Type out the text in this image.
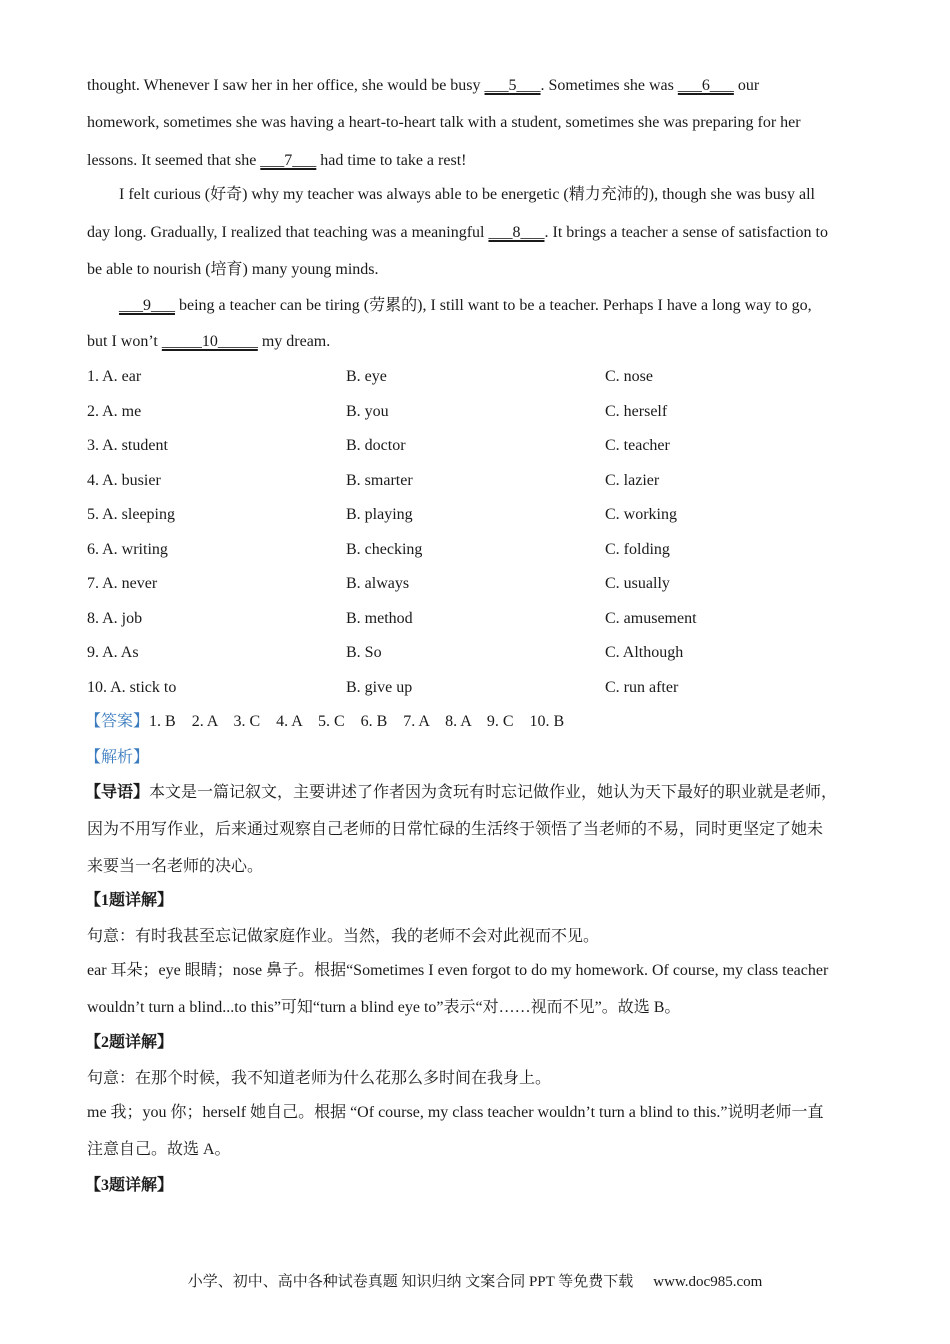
thought. Whenever I saw her in her office, she would be busy ___5___. Sometimes she was ___6___ our
homework, sometimes she was having a heart-to-heart talk with a student, sometimes she was preparing for her
lessons. It seemed that she ___7___ had time to take a rest!
I felt curious (好奇) why my teacher was always able to be energetic (精力充沛的), though she was busy all
day long. Gradually, I realized that teaching was a meaningful ___8___. It brings a teacher a sense of satisfaction to
be able to nourish (培育) many young minds.
___9___ being a teacher can be tiring (劳累的), I still want to be a teacher. Perhaps I have a long way to go,
but I won’t _____10_____ my dream.
1. A. ear	B. eye	C. nose
2. A. me	B. you	C. herself
3. A. student	B. doctor	C. teacher
4. A. busier	B. smarter	C. lazier
5. A. sleeping	B. playing	C. working
6. A. writing	B. checking	C. folding
7. A. never	B. always	C. usually
8. A. job	B. method	C. amusement
9. A. As	B. So	C. Although
10. A. stick to	B. give up	C. run after
【答案】1. B    2. A    3. C    4. A    5. C    6. B    7. A    8. A    9. C    10. B
【解析】
【导语】本文是一篇记叙文，主要讲述了作者因为贪玩有时忘记做作业，她认为天下最好的职业就是老师，
因为不用写作业，后来通过观察自己老师的日常忙碌的生活终于领悟了当老师的不易，同时更坚定了她未
来要当一名老师的决心。
【1题详解】
句意：有时我甚至忘记做家庭作业。当然，我的老师不会对此视而不见。
ear 耳朵；eye 眼睛；nose 鼻子。根据“Sometimes I even forgot to do my homework. Of course, my class teacher
wouldn’t turn a blind...to this”可知“turn a blind eye to”表示“对……视而不见”。故选 B。
【2题详解】
句意：在那个时候，我不知道老师为什么花那么多时间在我身上。
me 我；you 你；herself 她自己。根据 “Of course, my class teacher wouldn’t turn a blind to this.”说明老师一直
注意自己。故选 A。
【3题详解】
小学、初中、高中各种试卷真题 知识归纳 文案合同 PPT 等免费下载 www.doc985.com
